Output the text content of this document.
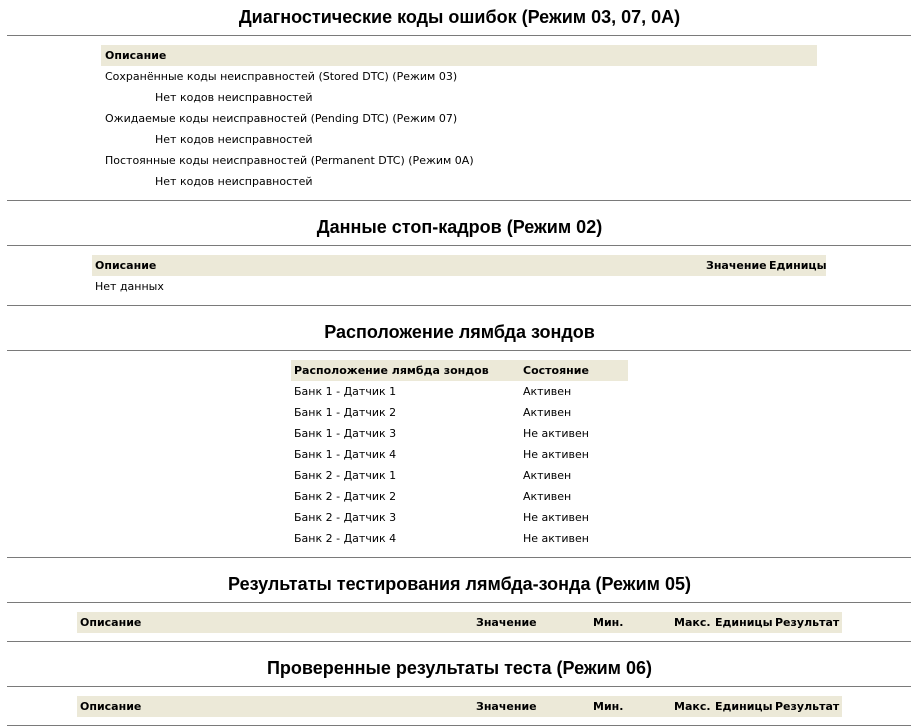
Диагностические коды ошибок (Режим 03, 07, 0A)
Описание
Сохранённые коды неисправностей (Stored DTC) (Режим 03)
Нет кодов неисправностей
Ожидаемые коды неисправностей (Pending DTC) (Режим 07)
Нет кодов неисправностей
Постоянные коды неисправностей (Permanent DTC) (Режим 0A)
Нет кодов неисправностей
Данные стоп-кадров (Режим 02)
Описание	Значение Единицы
Нет данных
Расположение лямбда зондов
Расположение лямбда зондов	Состояние
Банк 1 - Датчик 1	Активен
Банк 1 - Датчик 2	Активен
Банк 1 - Датчик 3	Не активен
Банк 1 - Датчик 4	Не активен
Банк 2 - Датчик 1	Активен
Банк 2 - Датчик 2	Активен
Банк 2 - Датчик 3	Не активен
Банк 2 - Датчик 4	Не активен
Результаты тестирования лямбда-зонда (Режим 05)
Описание	Значение	Мин.	Макс. Единицы Результат
Проверенные результаты теста (Режим 06)
Описание	Значение	Мин.	Макс. Единицы Результат
